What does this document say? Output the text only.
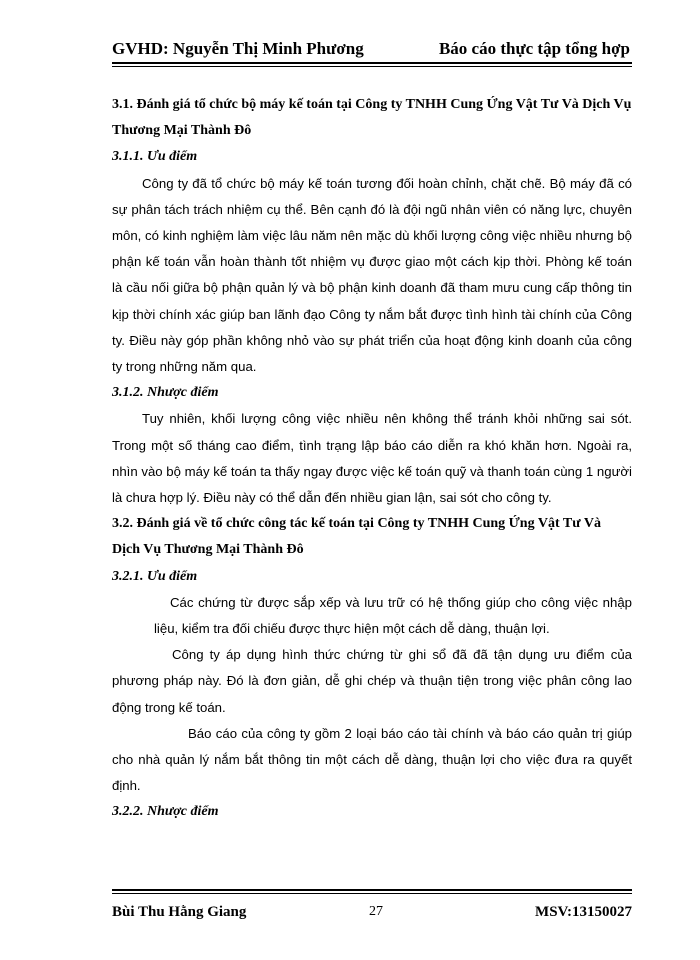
GVHD: Nguyễn Thị Minh Phương	Báo cáo thực tập tổng hợp

3.1. Đánh giá tổ chức bộ máy kế toán tại Công ty TNHH Cung Ứng Vật Tư Và Dịch Vụ Thương Mại Thành Đô

3.1.1. Ưu điểm

Công ty đã tổ chức bộ máy kế toán tương đối hoàn chỉnh, chặt chẽ. Bộ máy đã có sự phân tách trách nhiệm cụ thể. Bên cạnh đó là đội ngũ nhân viên có năng lực, chuyên môn, có kinh nghiệm làm việc lâu năm nên mặc dù khối lượng công việc nhiều nhưng bộ phận kế toán vẫn hoàn thành tốt nhiệm vụ được giao một cách kịp thời. Phòng kế toán là cầu nối giữa bộ phận quản lý và bộ phận kinh doanh đã tham mưu cung cấp thông tin kịp thời chính xác giúp ban lãnh đạo Công ty nắm bắt được tình hình tài chính của Công ty. Điều này góp phần không nhỏ vào sự phát triển của hoạt động kinh doanh của công ty trong những năm qua.

3.1.2. Nhược điểm

Tuy nhiên, khối lượng công việc nhiều nên không thể tránh khỏi những sai sót. Trong một số tháng cao điểm, tình trạng lập báo cáo diễn ra khó khăn hơn. Ngoài ra, nhìn vào bộ máy kế toán ta thấy ngay được việc kế toán quỹ và thanh toán cùng 1 người là chưa hợp lý. Điều này có thể dẫn đến nhiều gian lận, sai sót cho công ty.

3.2. Đánh giá về tổ chức công tác kế toán tại Công ty TNHH Cung Ứng Vật Tư Và Dịch Vụ Thương Mại Thành Đô

3.2.1. Ưu điểm

Các chứng từ được sắp xếp và lưu trữ có hệ thống giúp cho công việc nhập liệu, kiểm tra đối chiếu được thực hiện một cách dễ dàng, thuận lợi.

Công ty áp dụng hình thức chứng từ ghi sổ đã đã tận dụng ưu điểm của phương pháp này. Đó là đơn giản, dễ ghi chép và thuận tiện trong việc phân công lao động trong kế toán.

Báo cáo của công ty gồm 2 loại báo cáo tài chính và báo cáo quản trị giúp cho nhà quản lý nắm bắt thông tin một cách dễ dàng, thuận lợi cho việc đưa ra quyết định.

3.2.2. Nhược điểm

Bùi Thu Hằng Giang	27	MSV:13150027
